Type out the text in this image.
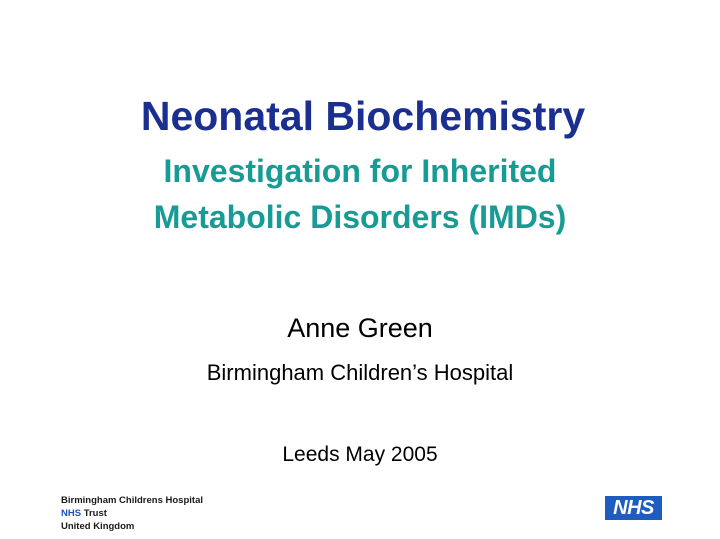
Neonatal Biochemistry
Investigation for Inherited
Metabolic Disorders (IMDs)
Anne Green
Birmingham Children’s Hospital
Leeds May 2005
Birmingham Childrens Hospital
NHS Trust
United Kingdom
NHS
